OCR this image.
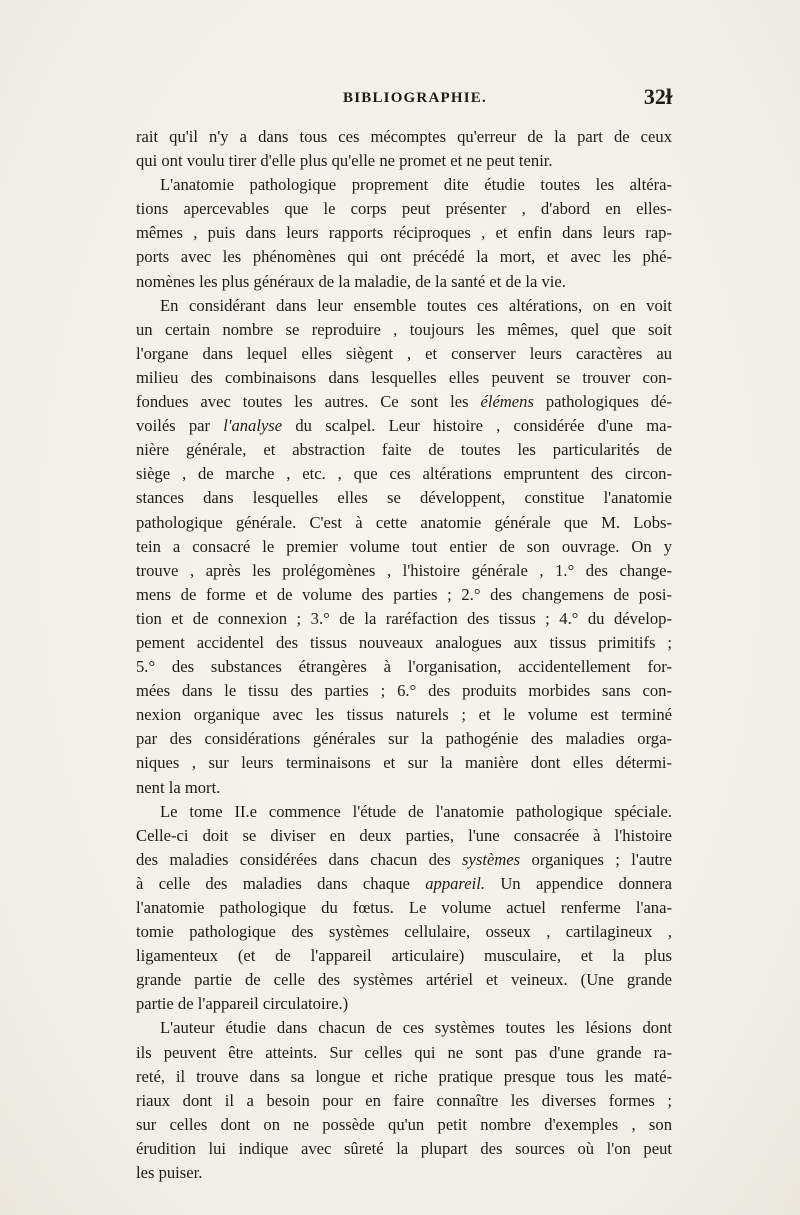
BIBLIOGRAPHIE.	32ɫ
rait qu'il n'y a dans tous ces mécomptes qu'erreur de la part de ceux
qui ont voulu tirer d'elle plus qu'elle ne promet et ne peut tenir.
L'anatomie pathologique proprement dite étudie toutes les altéra-
tions apercevables que le corps peut présenter , d'abord en elles-
mêmes , puis dans leurs rapports réciproques , et enfin dans leurs rap-
ports avec les phénomènes qui ont précédé la mort, et avec les phé-
nomènes les plus généraux de la maladie, de la santé et de la vie.
En considérant dans leur ensemble toutes ces altérations, on en voit
un certain nombre se reproduire , toujours les mêmes, quel que soit
l'organe dans lequel elles siègent , et conserver leurs caractères au
milieu des combinaisons dans lesquelles elles peuvent se trouver con-
fondues avec toutes les autres. Ce sont les élémens pathologiques dé-
voilés par l'analyse du scalpel. Leur histoire , considérée d'une ma-
nière générale, et abstraction faite de toutes les particularités de
siège , de marche , etc. , que ces altérations empruntent des circon-
stances dans lesquelles elles se développent, constitue l'anatomie
pathologique générale. C'est à cette anatomie générale que M. Lobs-
tein a consacré le premier volume tout entier de son ouvrage. On y
trouve , après les prolégomènes , l'histoire générale , 1.° des change-
mens de forme et de volume des parties ; 2.° des changemens de posi-
tion et de connexion ; 3.° de la raréfaction des tissus ; 4.° du dévelop-
pement accidentel des tissus nouveaux analogues aux tissus primitifs ;
5.° des substances étrangères à l'organisation, accidentellement for-
mées dans le tissu des parties ; 6.° des produits morbides sans con-
nexion organique avec les tissus naturels ; et le volume est terminé
par des considérations générales sur la pathogénie des maladies orga-
niques , sur leurs terminaisons et sur la manière dont elles détermi-
nent la mort.
Le tome II.e commence l'étude de l'anatomie pathologique spéciale.
Celle-ci doit se diviser en deux parties, l'une consacrée à l'histoire
des maladies considérées dans chacun des systèmes organiques ; l'autre
à celle des maladies dans chaque appareil. Un appendice donnera
l'anatomie pathologique du fœtus. Le volume actuel renferme l'ana-
tomie pathologique des systèmes cellulaire, osseux , cartilagineux ,
ligamenteux (et de l'appareil articulaire) musculaire, et la plus
grande partie de celle des systèmes artériel et veineux. (Une grande
partie de l'appareil circulatoire.)
L'auteur étudie dans chacun de ces systèmes toutes les lésions dont
ils peuvent être atteints. Sur celles qui ne sont pas d'une grande ra-
reté, il trouve dans sa longue et riche pratique presque tous les maté-
riaux dont il a besoin pour en faire connaître les diverses formes ;
sur celles dont on ne possède qu'un petit nombre d'exemples , son
érudition lui indique avec sûreté la plupart des sources où l'on peut
les puiser.
